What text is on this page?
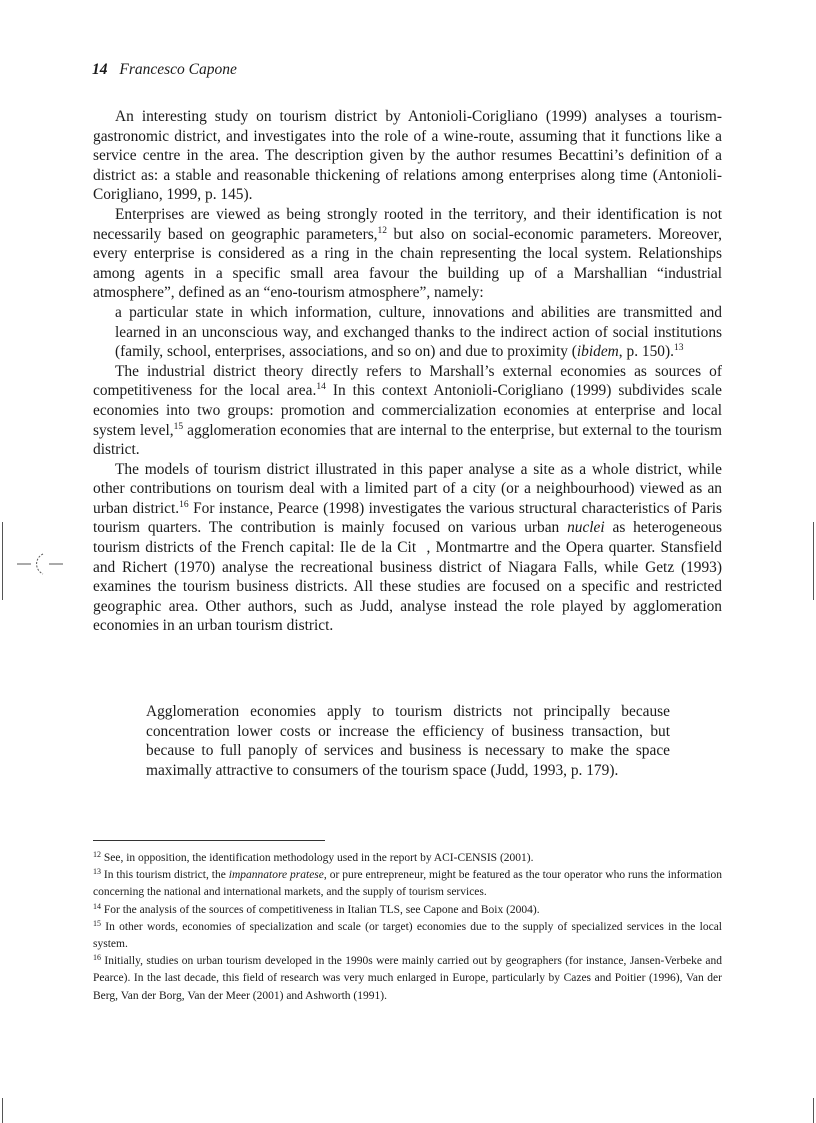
14 Francesco Capone

An interesting study on tourism district by Antonioli-Corigliano (1999) analyses a tourism-gastronomic district, and investigates into the role of a wine-route, assuming that it functions like a service centre in the area. The description given by the author resumes Becattini’s definition of a district as: a stable and reasonable thickening of relations among enterprises along time (Antonioli-Corigliano, 1999, p. 145).

Enterprises are viewed as being strongly rooted in the territory, and their identification is not necessarily based on geographic parameters,$^{12}$ but also on social-economic parameters. Moreover, every enterprise is considered as a ring in the chain representing the local system. Relationships among agents in a specific small area favour the building up of a Marshallian “industrial atmosphere”, defined as an “eno-tourism atmosphere”, namely:

a particular state in which information, culture, innovations and abilities are transmitted and learned in an unconscious way, and exchanged thanks to the indirect action of social institutions (family, school, enterprises, associations, and so on) and due to proximity (ibidem, p. 150).$^{13}$

The industrial district theory directly refers to Marshall’s external economies as sources of competitiveness for the local area.$^{14}$ In this context Antonioli-Corigliano (1999) subdivides scale economies into two groups: promotion and commercialization economies at enterprise and local system level,$^{15}$ agglomeration economies that are internal to the enterprise, but external to the tourism district.

The models of tourism district illustrated in this paper analyse a site as a whole district, while other contributions on tourism deal with a limited part of a city (or a neighbourhood) viewed as an urban district.$^{16}$ For instance, Pearce (1998) investigates the various structural characteristics of Paris tourism quarters. The contribution is mainly focused on various urban nuclei as heterogeneous tourism districts of the French capital: Ile de la Cit  , Montmartre and the Opera quarter. Stansfield and Richert (1970) analyse the recreational business district of Niagara Falls, while Getz (1993) examines the tourism business districts. All these studies are focused on a specific and restricted geographic area. Other authors, such as Judd, analyse instead the role played by agglomeration economies in an urban tourism district.

Agglomeration economies apply to tourism districts not principally because concentration lower costs or increase the efficiency of business transaction, but because to full panoply of services and business is necessary to make the space maximally attractive to consumers of the tourism space (Judd, 1993, p. 179).

$^{12}$ See, in opposition, the identification methodology used in the report by ACI-CENSIS (2001).

$^{13}$ In this tourism district, the impannatore pratese, or pure entrepreneur, might be featured as the tour operator who runs the information concerning the national and international markets, and the supply of tourism services.

$^{14}$ For the analysis of the sources of competitiveness in Italian TLS, see Capone and Boix (2004).

$^{15}$ In other words, economies of specialization and scale (or target) economies due to the supply of specialized services in the local system.

$^{16}$ Initially, studies on urban tourism developed in the 1990s were mainly carried out by geographers (for instance, Jansen-Verbeke and Pearce). In the last decade, this field of research was very much enlarged in Europe, particularly by Cazes and Poitier (1996), Van der Berg, Van der Borg, Van der Meer (2001) and Ashworth (1991).
